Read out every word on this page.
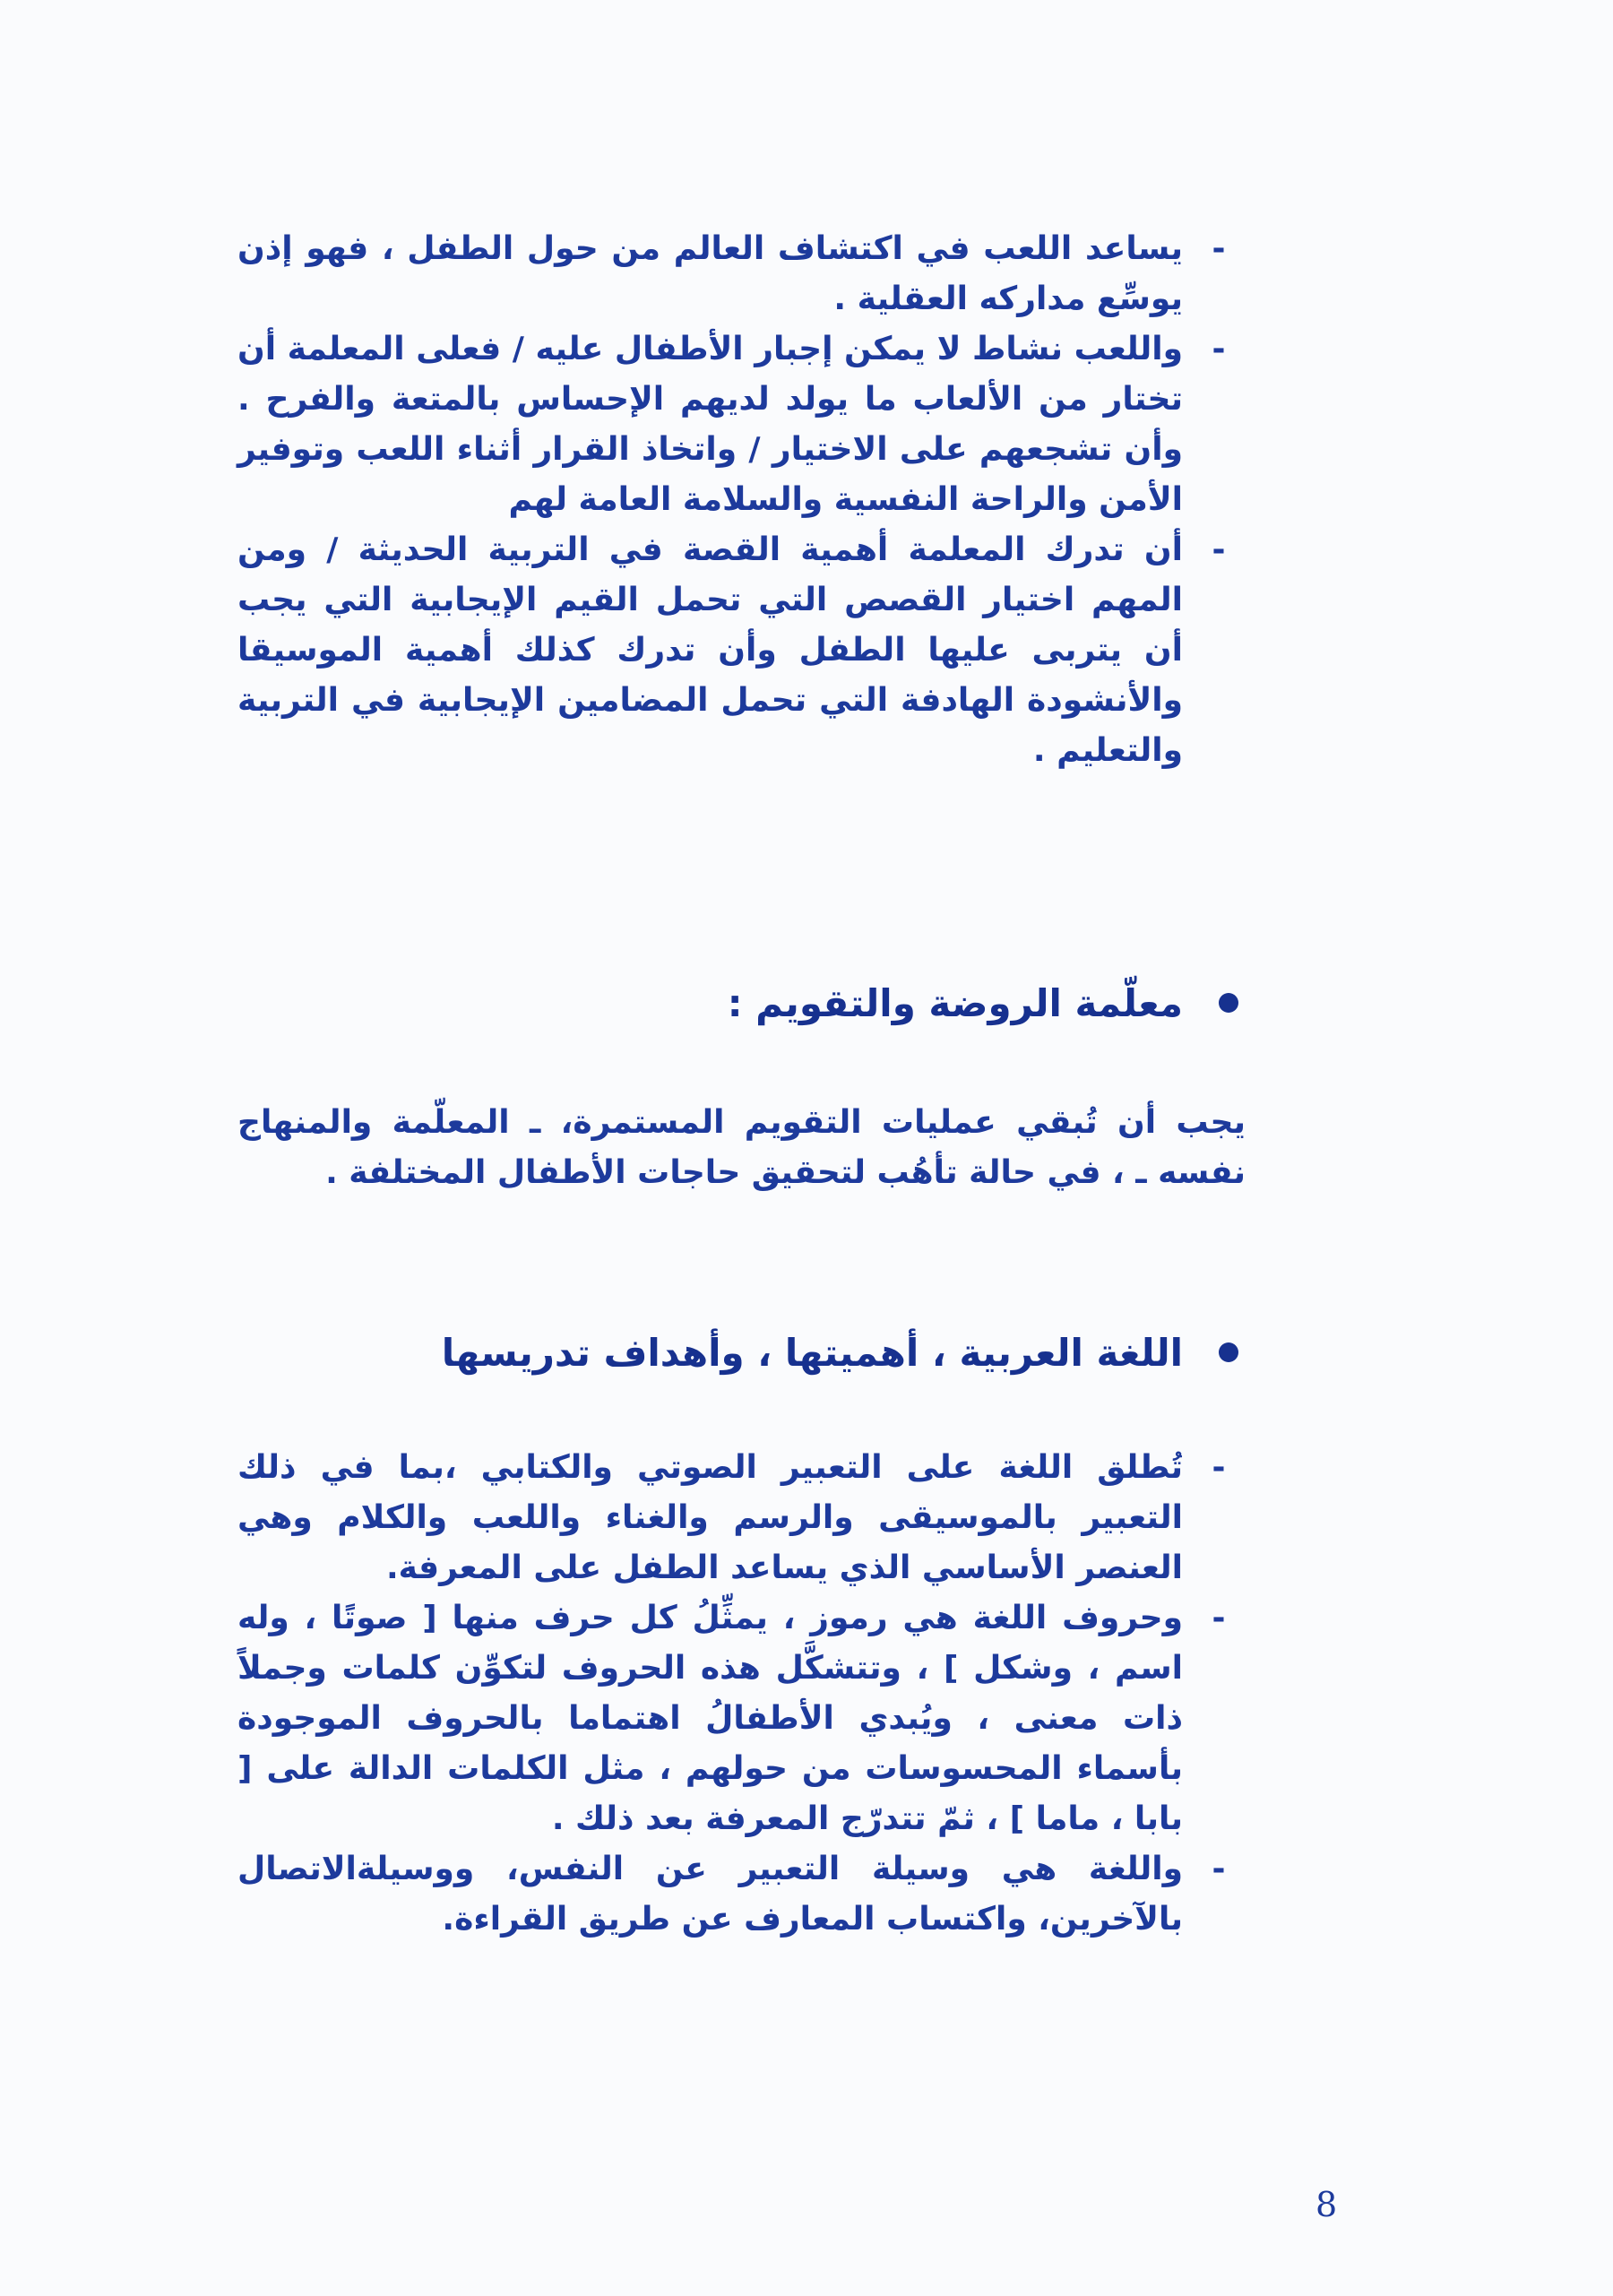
-
يساعد اللعب في اكتشاف العالم من حول الطفل ، فهو إذن يوسِّع مداركه العقلية .
-
واللعب نشاط لا يمكن إجبار الأطفال عليه / فعلى المعلمة أن تختار من الألعاب ما يولد لديهم الإحساس بالمتعة والفرح . وأن تشجعهم على الاختيار / واتخاذ القرار أثناء اللعب وتوفير الأمن والراحة النفسية والسلامة العامة لهم
-
أن تدرك المعلمة أهمية القصة في التربية الحديثة / ومن المهم اختيار القصص التي تحمل القيم الإيجابية التي يجب أن يتربى عليها الطفل وأن تدرك كذلك أهمية الموسيقا والأنشودة الهادفة التي تحمل المضامين الإيجابية في التربية والتعليم .
معلّمة الروضة والتقويم :

يجب أن تُبقي عمليات التقويم المستمرة، ـ المعلّمة والمنهاج نفسه ـ ، في حالة تأهُب لتحقيق حاجات الأطفال المختلفة .

اللغة العربية ، أهميتها ، وأهداف تدريسها
-
تُطلق اللغة على التعبير الصوتي والكتابي ،بما في ذلك التعبير بالموسيقى والرسم والغناء واللعب والكلام وهي العنصر الأساسي الذي يساعد الطفل على المعرفة.
-
وحروف اللغة هي رموز ، يمثِّلُ كل حرف منها [ صوتًا ، وله اسم ، وشكل ] ، وتتشكَّل هذه الحروف لتكوِّن كلمات وجملاً ذات معنى ، ويُبدي الأطفالُ اهتماما بالحروف الموجودة بأسماء المحسوسات من حولهم ، مثل الكلمات الدالة على [ بابا ، ماما ] ، ثمّ تتدرّج المعرفة بعد ذلك .
-
واللغة هي وسيلة التعبير عن النفس، ووسيلةالاتصال بالآخرين، واكتساب المعارف عن طريق القراءة.
8
